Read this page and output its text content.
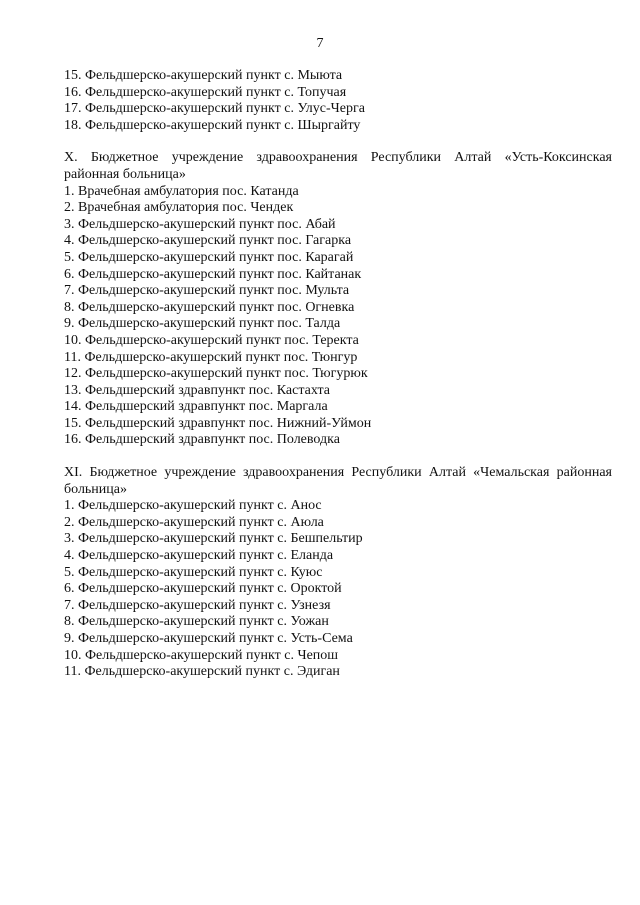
7
15. Фельдшерско-акушерский пункт с. Мыюта
16. Фельдшерско-акушерский пункт с. Топучая
17. Фельдшерско-акушерский пункт с. Улус-Черга
18. Фельдшерско-акушерский пункт с. Шыргайту
X. Бюджетное учреждение здравоохранения Республики Алтай «Усть-Коксинская районная больница»
1. Врачебная амбулатория пос. Катанда
2. Врачебная амбулатория пос. Чендек
3. Фельдшерско-акушерский пункт пос. Абай
4. Фельдшерско-акушерский пункт пос. Гагарка
5. Фельдшерско-акушерский пункт пос. Карагай
6. Фельдшерско-акушерский пункт пос. Кайтанак
7. Фельдшерско-акушерский пункт пос. Мульта
8. Фельдшерско-акушерский пункт пос. Огневка
9. Фельдшерско-акушерский пункт пос. Талда
10. Фельдшерско-акушерский пункт пос. Теректа
11. Фельдшерско-акушерский пункт пос. Тюнгур
12. Фельдшерско-акушерский пункт пос. Тюгурюк
13. Фельдшерский здравпункт пос. Кастахта
14. Фельдшерский здравпункт пос. Маргала
15. Фельдшерский здравпункт пос. Нижний-Уймон
16. Фельдшерский здравпункт пос. Полеводка
XI. Бюджетное учреждение здравоохранения Республики Алтай «Чемальская районная больница»
1. Фельдшерско-акушерский пункт с. Анос
2. Фельдшерско-акушерский пункт с. Аюла
3. Фельдшерско-акушерский пункт с. Бешпельтир
4. Фельдшерско-акушерский пункт с. Еланда
5. Фельдшерско-акушерский пункт с. Куюс
6. Фельдшерско-акушерский пункт с. Ороктой
7. Фельдшерско-акушерский пункт с. Узнезя
8. Фельдшерско-акушерский пункт с. Уожан
9. Фельдшерско-акушерский пункт с. Усть-Сема
10. Фельдшерско-акушерский пункт с. Чепош
11. Фельдшерско-акушерский пункт с. Эдиган
